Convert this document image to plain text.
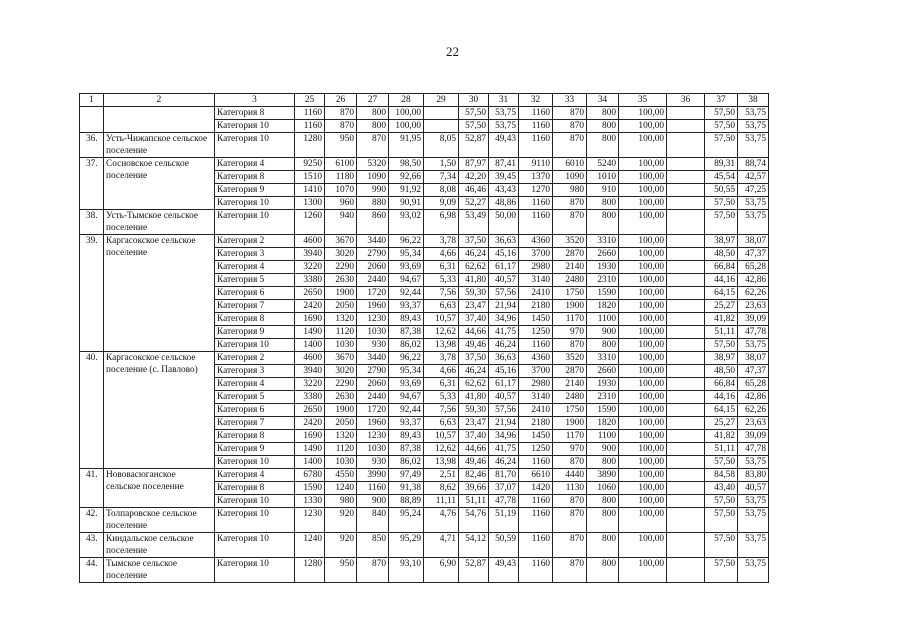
22
1	2	3	25	26	27	28	29	30	31	32	33	34	35	36	37	38
		Категория 8	1160	870	800	100,00		57,50	53,75	1160	870	800	100,00		57,50	53,75
		Категория 10	1160	870	800	100,00		57,50	53,75	1160	870	800	100,00		57,50	53,75
36.	Усть-Чижапское сельское поселение	Категория 10	1280	950	870	91,95	8,05	52,87	49,43	1160	870	800	100,00		57,50	53,75
37.	Сосновское сельское поселение	Категория 4	9250	6100	5320	98,50	1,50	87,97	87,41	9110	6010	5240	100,00		89,31	88,74
		Категория 8	1510	1180	1090	92,66	7,34	42,20	39,45	1370	1090	1010	100,00		45,54	42,57
		Категория 9	1410	1070	990	91,92	8,08	46,46	43,43	1270	980	910	100,00		50,55	47,25
		Категория 10	1300	960	880	90,91	9,09	52,27	48,86	1160	870	800	100,00		57,50	53,75
38.	Усть-Тымское сельское поселение	Категория 10	1260	940	860	93,02	6,98	53,49	50,00	1160	870	800	100,00		57,50	53,75
39.	Каргасокское сельское поселение	Категория 2	4600	3670	3440	96,22	3,78	37,50	36,63	4360	3520	3310	100,00		38,97	38,07
		Категория 3	3940	3020	2790	95,34	4,66	46,24	45,16	3700	2870	2660	100,00		48,50	47,37
		Категория 4	3220	2290	2060	93,69	6,31	62,62	61,17	2980	2140	1930	100,00		66,84	65,28
		Категория 5	3380	2630	2440	94,67	5,33	41,80	40,57	3140	2480	2310	100,00		44,16	42,86
		Категория 6	2650	1900	1720	92,44	7,56	59,30	57,56	2410	1750	1590	100,00		64,15	62,26
		Категория 7	2420	2050	1960	93,37	6,63	23,47	21,94	2180	1900	1820	100,00		25,27	23,63
		Категория 8	1690	1320	1230	89,43	10,57	37,40	34,96	1450	1170	1100	100,00		41,82	39,09
		Категория 9	1490	1120	1030	87,38	12,62	44,66	41,75	1250	970	900	100,00		51,11	47,78
		Категория 10	1400	1030	930	86,02	13,98	49,46	46,24	1160	870	800	100,00		57,50	53,75
40.	Каргасокское сельское поселение (с. Павлово)	Категория 2	4600	3670	3440	96,22	3,78	37,50	36,63	4360	3520	3310	100,00		38,97	38,07
		Категория 3	3940	3020	2790	95,34	4,66	46,24	45,16	3700	2870	2660	100,00		48,50	47,37
		Категория 4	3220	2290	2060	93,69	6,31	62,62	61,17	2980	2140	1930	100,00		66,84	65,28
		Категория 5	3380	2630	2440	94,67	5,33	41,80	40,57	3140	2480	2310	100,00		44,16	42,86
		Категория 6	2650	1900	1720	92,44	7,56	59,30	57,56	2410	1750	1590	100,00		64,15	62,26
		Категория 7	2420	2050	1960	93,37	6,63	23,47	21,94	2180	1900	1820	100,00		25,27	23,63
		Категория 8	1690	1320	1230	89,43	10,57	37,40	34,96	1450	1170	1100	100,00		41,82	39,09
		Категория 9	1490	1120	1030	87,38	12,62	44,66	41,75	1250	970	900	100,00		51,11	47,78
		Категория 10	1400	1030	930	86,02	13,98	49,46	46,24	1160	870	800	100,00		57,50	53,75
41.	Нововасюганское сельское поселение	Категория 4	6780	4550	3990	97,49	2,51	82,46	81,70	6610	4440	3890	100,00		84,58	83,80
		Категория 8	1590	1240	1160	91,38	8,62	39,66	37,07	1420	1130	1060	100,00		43,40	40,57
		Категория 10	1330	980	900	88,89	11,11	51,11	47,78	1160	870	800	100,00		57,50	53,75
42.	Толпаровское сельское поселение	Категория 10	1230	920	840	95,24	4,76	54,76	51,19	1160	870	800	100,00		57,50	53,75
43.	Киндальское сельское поселение	Категория 10	1240	920	850	95,29	4,71	54,12	50,59	1160	870	800	100,00		57,50	53,75
44.	Тымское сельское поселение	Категория 10	1280	950	870	93,10	6,90	52,87	49,43	1160	870	800	100,00		57,50	53,75
